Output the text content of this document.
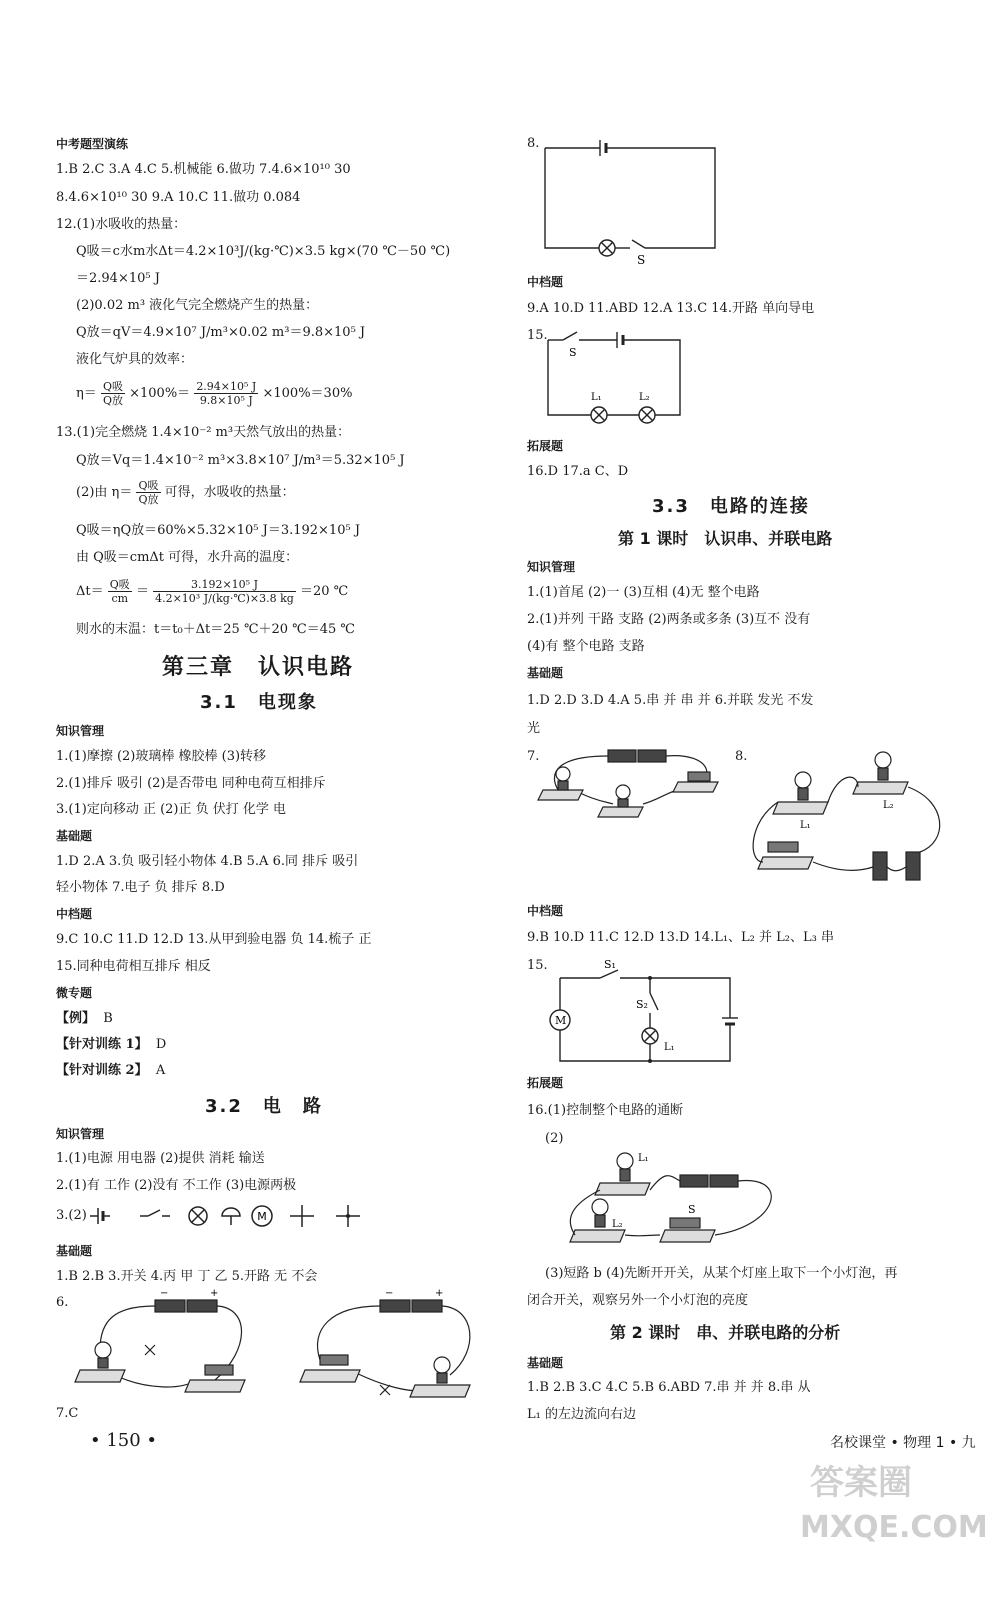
中考题型演练
1.B 2.C 3.A 4.C 5.机械能 6.做功 7.4.6×10¹⁰ 30
8.4.6×10¹⁰ 30 9.A 10.C 11.做功 0.084
12.(1)水吸收的热量：
Q吸＝c水m水Δt＝4.2×10³J/(kg·℃)×3.5 kg×(70 ℃－50 ℃)
＝2.94×10⁵ J
(2)0.02 m³ 液化气完全燃烧产生的热量：
Q放＝qV＝4.9×10⁷ J/m³×0.02 m³＝9.8×10⁵ J
液化气炉具的效率：
$\eta= \frac{\text{Q吸}}{\text{Q放}} \times 100\%= \frac{\text{2.94×10⁵ J}}{\text{9.8×10⁵ J}} \times 100\%=30\%$
13.(1)完全燃烧 1.4×10⁻² m³天然气放出的热量：
Q放＝Vq＝1.4×10⁻² m³×3.8×10⁷ J/m³＝5.32×10⁵ J
(2)由 $\eta= \frac{\text{Q吸}}{\text{Q放}}$ 可得，水吸收的热量：
Q吸＝ηQ放＝60%×5.32×10⁵ J＝3.192×10⁵ J
由 Q吸＝cmΔt 可得，水升高的温度：
$\Delta t= \frac{\text{Q吸}}{cm} = \frac{\text{3.192×10⁵ J}}{\text{4.2×10³ J/(kg·℃)×3.8 kg}} =20$ ℃
则水的末温：t＝t₀＋Δt＝25 ℃＋20 ℃＝45 ℃
第三章　认识电路
3.1　电现象
知识管理
1.(1)摩擦 (2)玻璃棒 橡胶棒 (3)转移
2.(1)排斥 吸引 (2)是否带电 同种电荷互相排斥
3.(1)定向移动 正 (2)正 负 伏打 化学 电
基础题
1.D 2.A 3.负 吸引轻小物体 4.B 5.A 6.同 排斥 吸引
轻小物体 7.电子 负 排斥 8.D
中档题
9.C 10.C 11.D 12.D 13.从甲到验电器 负 14.梳子 正
15.同种电荷相互排斥 相反
微专题
【例】 B
【针对训练 1】 D
【针对训练 2】 A
3.2　电　路
知识管理
1.(1)电源 用电器 (2)提供 消耗 输送
2.(1)有 工作 (2)没有 不工作 (3)电源两极
3.(2)	M
基础题
1.B 2.B 3.开关 4.丙 甲 丁 乙 5.开路 无 不会
6.
−	+	−	+
7.C
• 150 •
8.
S
中档题
9.A 10.D 11.ABD 12.A 13.C 14.开路 单向导电
15.
S
L₁	L₂
拓展题
16.D 17.a C、D
3.3　电路的连接
第 1 课时　认识串、并联电路
知识管理
1.(1)首尾 (2)一 (3)互相 (4)无 整个电路
2.(1)并列 干路 支路 (2)两条或多条 (3)互不 没有
(4)有 整个电路 支路
基础题
1.D 2.D 3.D 4.A 5.串 并 串 并 6.并联 发光 不发
光
7.	8.
L₁
L₂
中档题
9.B 10.D 11.C 12.D 13.D 14.L₁、L₂ 并 L₂、L₃ 串
15.	S₁
S₂
M
L₁
拓展题
16.(1)控制整个电路的通断
(2)
L₁
L₂
S
(3)短路 b (4)先断开开关，从某个灯座上取下一个小灯泡，再
闭合开关，观察另外一个小灯泡的亮度
第 2 课时　串、并联电路的分析
基础题
1.B 2.B 3.C 4.C 5.B 6.ABD 7.串 并 并 8.串 从
L₁ 的左边流向右边
名校课堂 • 物理 1 • 九
答案圈
MXQE.COM
